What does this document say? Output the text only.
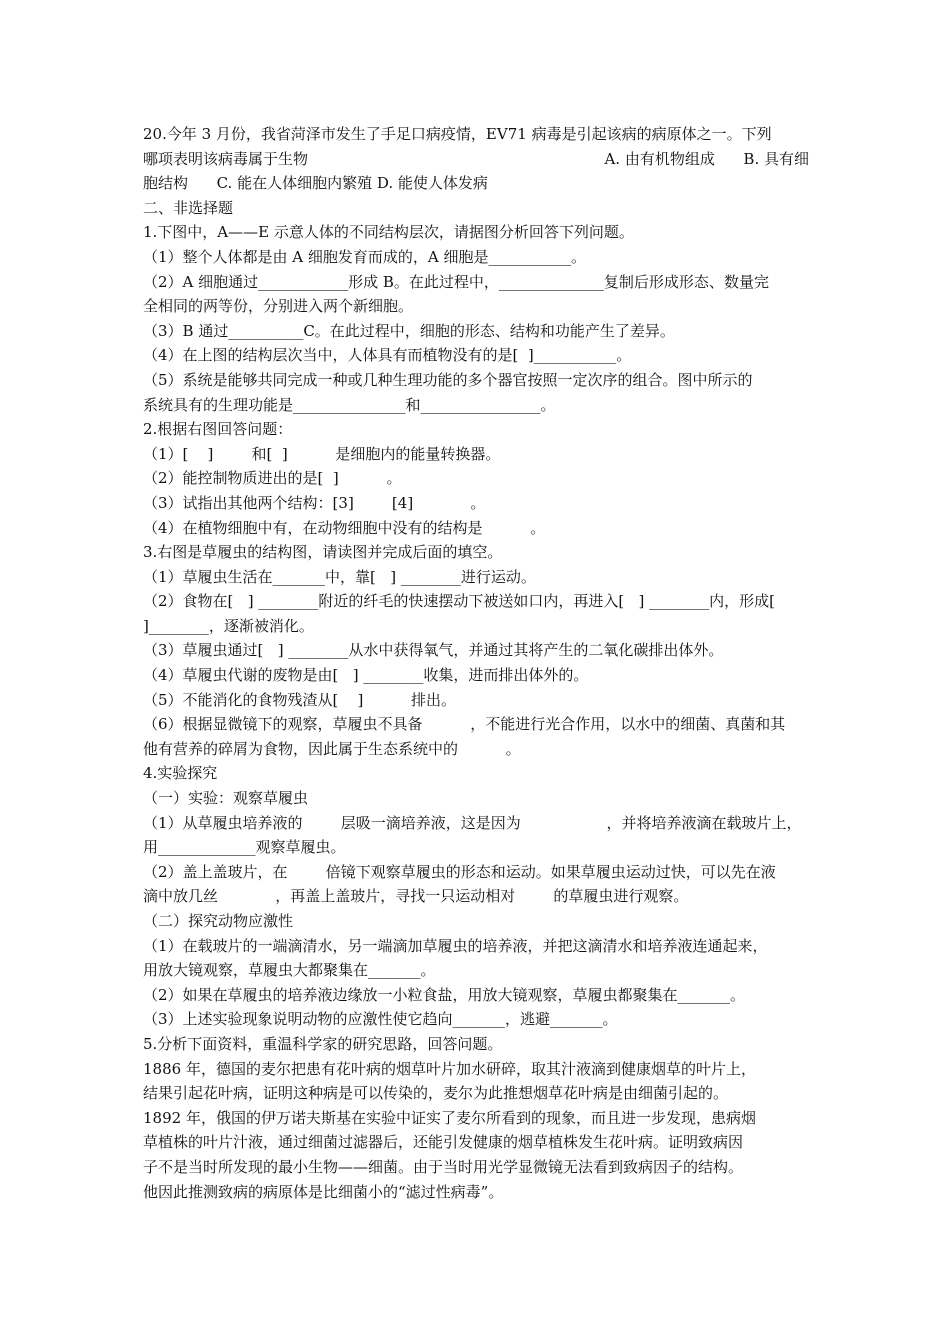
20.今年 3 月份，我省菏泽市发生了手足口病疫情，EV71 病毒是引起该病的病原体之一。下列
哪项表明该病毒属于生物	A. 由有机物组成      B. 具有细
胞结构      C. 能在人体细胞内繁殖 D. 能使人体发病
二、非选择题
1.下图中，A——E 示意人体的不同结构层次，请据图分析回答下列问题。
（1）整个人体都是由 A 细胞发育而成的，A 细胞是___________。
（2）A 细胞通过____________形成 B。在此过程中，______________复制后形成形态、数量完
全相同的两等份，分别进入两个新细胞。
（3）B 通过__________C。在此过程中，细胞的形态、结构和功能产生了差异。
（4）在上图的结构层次当中，人体具有而植物没有的是[  ]___________。
（5）系统是能够共同完成一种或几种生理功能的多个器官按照一定次序的组合。图中所示的
系统具有的生理功能是_______________和________________。
2.根据右图回答问题：
（1）[    ]        和[  ]          是细胞内的能量转换器。
（2）能控制物质进出的是[  ]          。
（3）试指出其他两个结构：[3]        [4]            。
（4）在植物细胞中有，在动物细胞中没有的结构是          。
3.右图是草履虫的结构图，请读图并完成后面的填空。
（1）草履虫生活在_______中，靠[   ] ________进行运动。
（2）食物在[   ] ________附近的纤毛的快速摆动下被送如口内，再进入[   ] ________内，形成[
]________，逐渐被消化。
（3）草履虫通过[   ] ________从水中获得氧气，并通过其将产生的二氧化碳排出体外。
（4）草履虫代谢的废物是由[   ] ________收集，进而排出体外的。
（5）不能消化的食物残渣从[    ]          排出。
（6）根据显微镜下的观察，草履虫不具备          ，不能进行光合作用，以水中的细菌、真菌和其
他有营养的碎屑为食物，因此属于生态系统中的          。
4.实验探究
（一）实验：观察草履虫
（1）从草履虫培养液的        层吸一滴培养液，这是因为                  ，并将培养液滴在载玻片上，
用_____________观察草履虫。
（2）盖上盖玻片，在        倍镜下观察草履虫的形态和运动。如果草履虫运动过快，可以先在液
滴中放几丝            ，再盖上盖玻片，寻找一只运动相对        的草履虫进行观察。
（二）探究动物应激性
（1）在载玻片的一端滴清水，另一端滴加草履虫的培养液，并把这滴清水和培养液连通起来，
用放大镜观察，草履虫大都聚集在_______。
（2）如果在草履虫的培养液边缘放一小粒食盐，用放大镜观察，草履虫都聚集在_______。
（3）上述实验现象说明动物的应激性使它趋向_______，逃避_______。
5.分析下面资料，重温科学家的研究思路，回答问题。
1886 年，德国的麦尔把患有花叶病的烟草叶片加水研碎，取其汁液滴到健康烟草的叶片上，
结果引起花叶病，证明这种病是可以传染的，麦尔为此推想烟草花叶病是由细菌引起的。
1892 年，俄国的伊万诺夫斯基在实验中证实了麦尔所看到的现象，而且进一步发现，患病烟
草植株的叶片汁液，通过细菌过滤器后，还能引发健康的烟草植株发生花叶病。证明致病因
子不是当时所发现的最小生物——细菌。由于当时用光学显微镜无法看到致病因子的结构。
他因此推测致病的病原体是比细菌小的“滤过性病毒”。
